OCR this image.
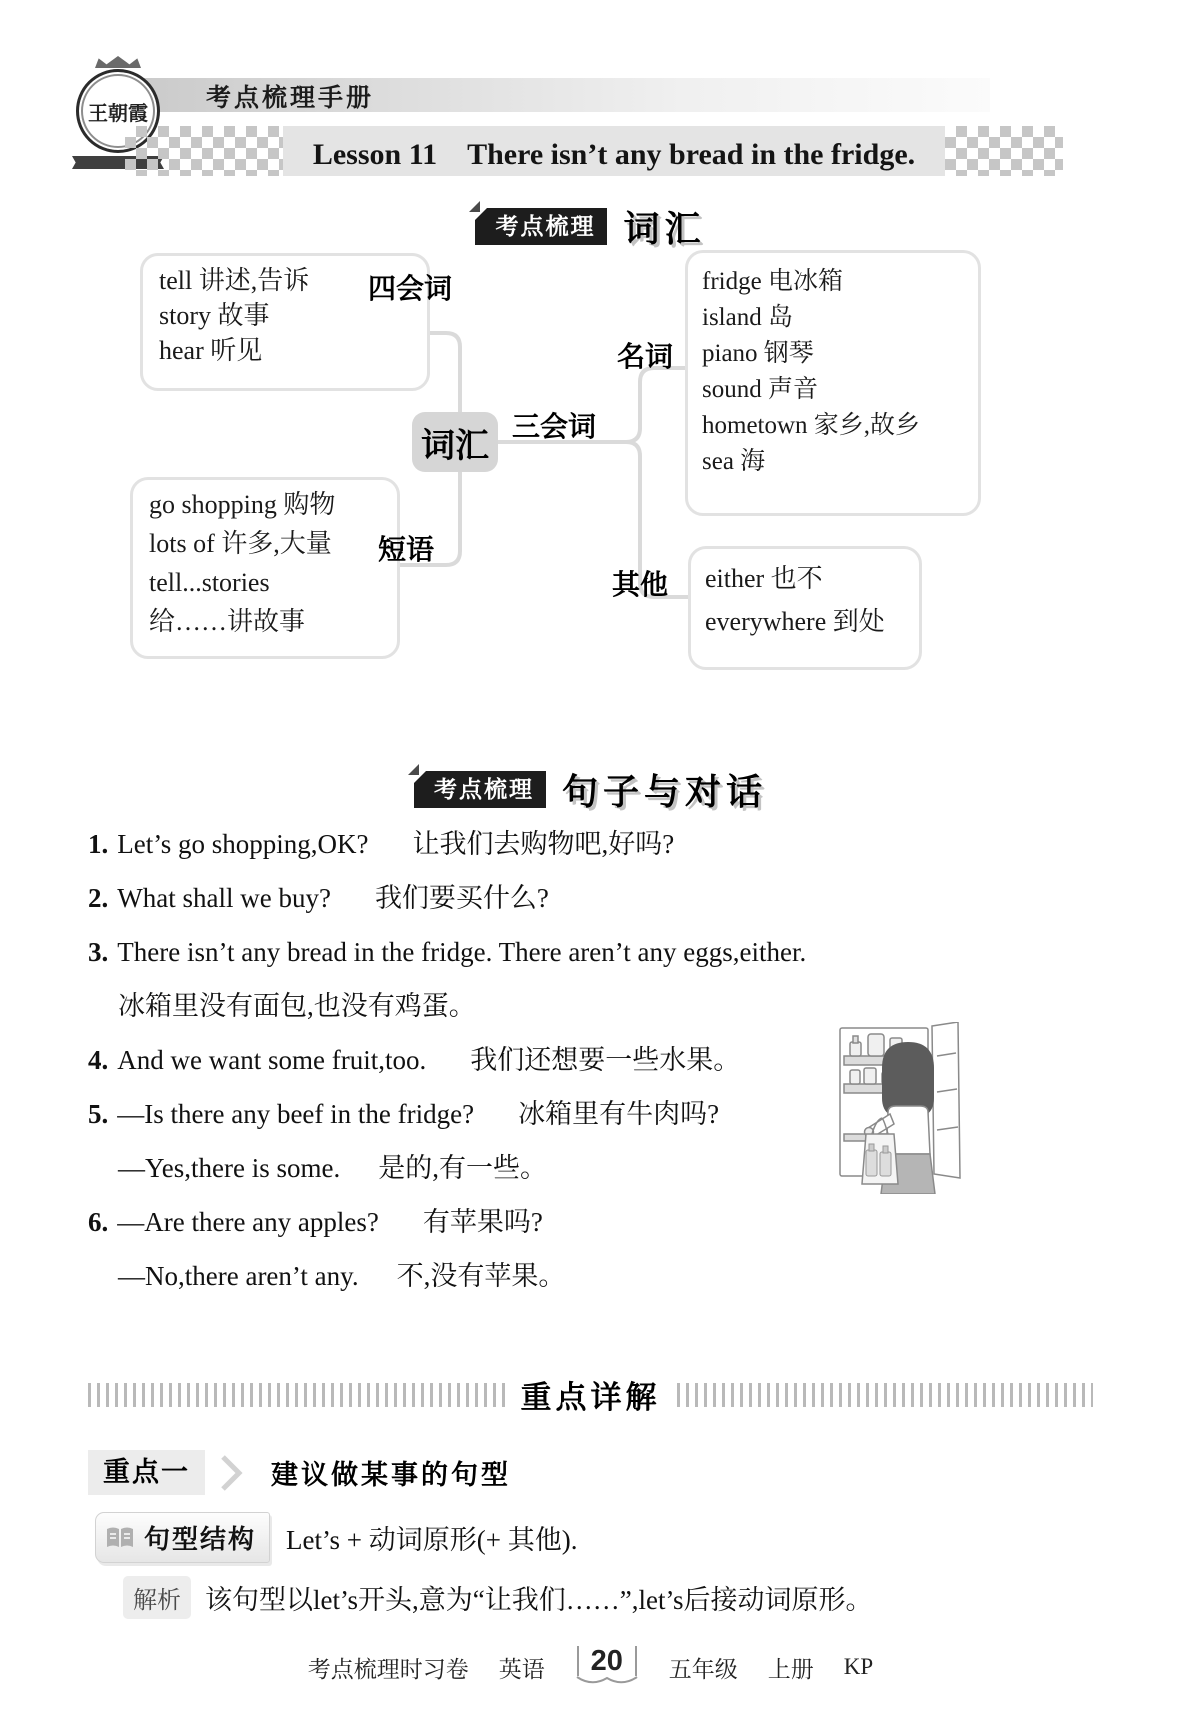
考点梳理手册
王朝霞
Lesson 11　There isn’t any bread in the fridge.
考点梳理 词汇

tell 讲述,告诉

story 故事

hear 听见

go shopping 购物

lots of 许多,大量

tell...stories

给……讲故事

fridge 电冰箱

island 岛

piano 钢琴

sound 声音

hometown 家乡,故乡

sea 海

either 也不

everywhere 到处

词汇
四会词
短语
三会词
名词
其他
考点梳理 句子与对话
1. Let’s go shopping,OK? 让我们去购物吧,好吗?
2. What shall we buy? 我们要买什么?
3. There isn’t any bread in the fridge. There aren’t any eggs,either.
冰箱里没有面包,也没有鸡蛋。
4. And we want some fruit,too. 我们还想要一些水果。
5. —Is there any beef in the fridge? 冰箱里有牛肉吗?
—Yes,there is some. 是的,有一些。
6. —Are there any apples? 有苹果吗?
—No,there aren’t any. 不,没有苹果。
重点详解
重点一	建议做某事的句型
句型结构 Let’s + 动词原形(+ 其他).
解析 该句型以let’s开头,意为“让我们……”,let’s后接动词原形。
考点梳理时习卷 英语	20	五年级 上册 KP
